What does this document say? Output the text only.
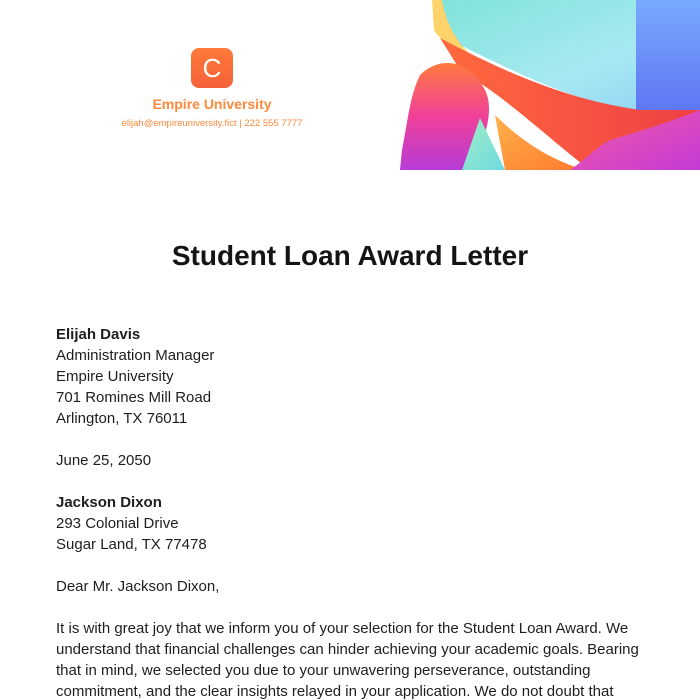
C
Empire University
elijah@empireuniversity.fict | 222 555 7777
Student Loan Award Letter
Elijah Davis
Administration Manager
Empire University
701 Romines Mill Road
Arlington, TX 76011
June 25, 2050
Jackson Dixon
293 Colonial Drive
Sugar Land, TX 77478
Dear Mr. Jackson Dixon,
It is with great joy that we inform you of your selection for the Student Loan Award. We understand that financial challenges can hinder achieving your academic goals. Bearing that in mind, we selected you due to your unwavering perseverance, outstanding commitment, and the clear insights relayed in your application. We do not doubt that
